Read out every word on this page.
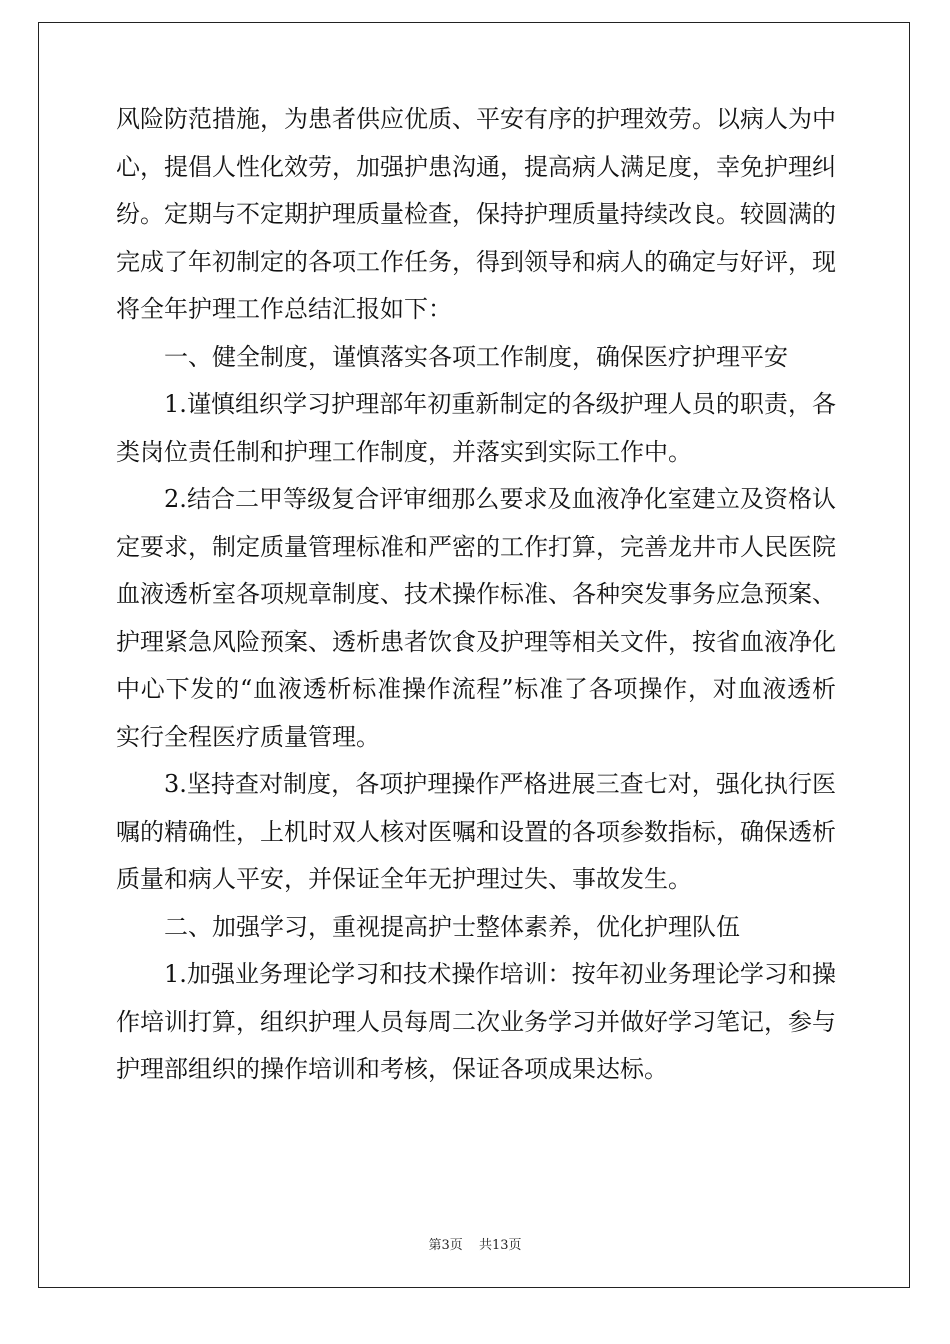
风险防范措施，为患者供应优质、平安有序的护理效劳。以病人为中心，提倡人性化效劳，加强护患沟通，提高病人满足度，幸免护理纠纷。定期与不定期护理质量检查，保持护理质量持续改良。较圆满的完成了年初制定的各项工作任务，得到领导和病人的确定与好评，现将全年护理工作总结汇报如下：

一、健全制度，谨慎落实各项工作制度，确保医疗护理平安

1.谨慎组织学习护理部年初重新制定的各级护理人员的职责，各类岗位责任制和护理工作制度，并落实到实际工作中。

2.结合二甲等级复合评审细那么要求及血液净化室建立及资格认定要求，制定质量管理标准和严密的工作打算，完善龙井市人民医院血液透析室各项规章制度、技术操作标准、各种突发事务应急预案、护理紧急风险预案、透析患者饮食及护理等相关文件，按省血液净化中心下发的“血液透析标准操作流程”标准了各项操作，对血液透析实行全程医疗质量管理。

3.坚持查对制度，各项护理操作严格进展三查七对，强化执行医嘱的精确性，上机时双人核对医嘱和设置的各项参数指标，确保透析质量和病人平安，并保证全年无护理过失、事故发生。

二、加强学习，重视提高护士整体素养，优化护理队伍

1.加强业务理论学习和技术操作培训：按年初业务理论学习和操作培训打算，组织护理人员每周二次业务学习并做好学习笔记，参与护理部组织的操作培训和考核，保证各项成果达标。

第3页 共13页
